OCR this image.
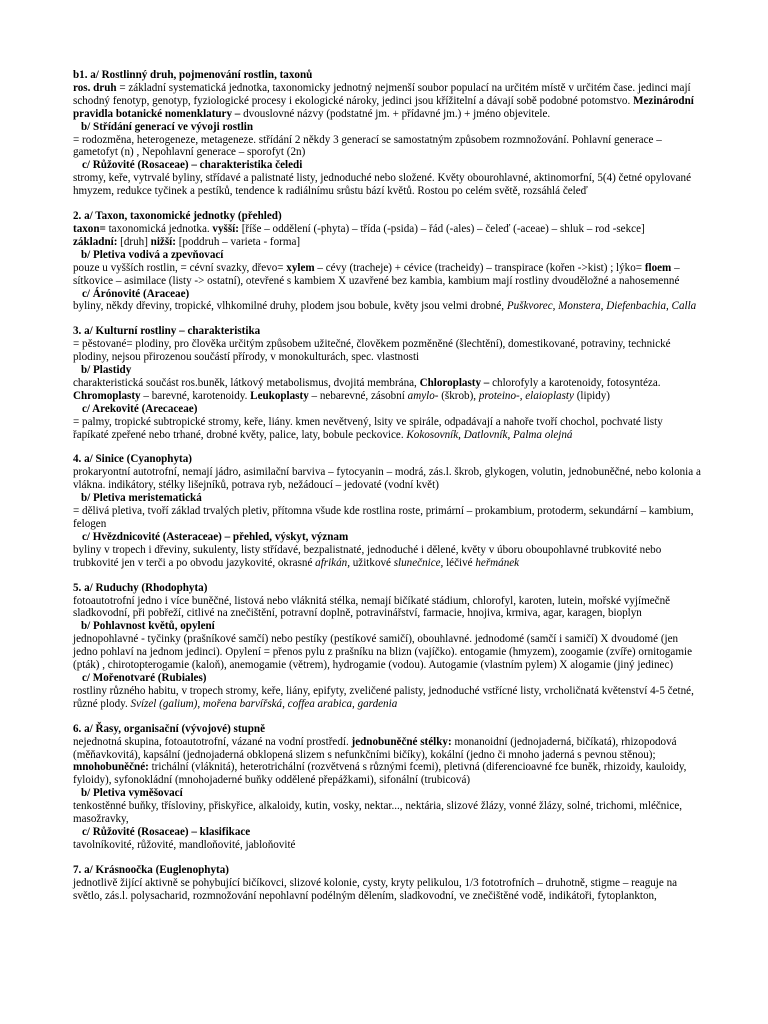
b1. a/ Rostlinný druh, pojmenování rostlin, taxonů
ros. druh = základní systematická jednotka, taxonomicky jednotný nejmenší soubor populací na určitém místě v určitém čase. jedinci mají schodný fenotyp, genotyp, fyziologické procesy i ekologické nároky, jedinci jsou křížitelní a dávají sobě podobné potomstvo. Mezinárodní pravidla botanické nomenklatury – dvouslovné názvy (podstatné jm. + přídavné jm.) + jméno objevitele.
b/ Střídání generací ve vývoji rostlin
= rodozměna, heterogeneze, metageneze. střídání 2 někdy 3 generací se samostatným způsobem rozmnožování. Pohlavní generace – gametofyt (n) , Nepohlavní generace – sporofyt (2n)
c/ Růžovité (Rosaceae) – charakteristika čeledi
stromy, keře, vytrvalé byliny, střídavé a palistnaté listy, jednoduché nebo složené. Květy obourohlavné, aktinomorfní, 5(4) četné opylované hmyzem, redukce tyčinek a pestíků, tendence k radiálnímu srůstu bází květů. Rostou po celém světě, rozsáhlá čeleď
2. a/ Taxon, taxonomické jednotky (přehled)
taxon= taxonomická jednotka. vyšší: [říše – oddělení (-phyta) – třída (-psida) – řád (-ales) – čeleď (-aceae) – shluk – rod -sekce]
základní: [druh] nižší: [poddruh – varieta - forma]
b/ Pletiva vodivá a zpevňovací
pouze u vyšších rostlin, = cévní svazky, dřevo= xylem – cévy (tracheje) + cévice (tracheidy) – transpirace (kořen ->kist) ; lýko= floem – sítkovice – asimilace (listy -> ostatní), otevřené s kambiem X uzavřené bez kambia, kambium mají rostliny dvouděložné a nahosemenné
c/ Árónovité (Araceae)
byliny, někdy dřeviny, tropické, vlhkomilné druhy, plodem jsou bobule, květy jsou velmi drobné, Puškvorec, Monstera, Diefenbachia, Calla
3. a/ Kulturní rostliny – charakteristika
= pěstované= plodiny, pro člověka určitým způsobem užitečné, člověkem pozměněné (šlechtění), domestikované, potraviny, technické plodiny, nejsou přirozenou součástí přírody, v monokulturách, spec. vlastnosti
b/ Plastidy
charakteristická součást ros.buněk, látkový metabolismus, dvojitá membrána, Chloroplasty – chlorofyly a karotenoidy, fotosyntéza. Chromoplasty – barevné, karotenoidy. Leukoplasty – nebarevné, zásobní amylo- (škrob), proteino-, elaioplasty (lipidy)
c/ Arekovité (Arecaceae)
= palmy, tropické subtropické stromy, keře, liány. kmen nevětvený, lsity ve spirále, odpadávají a nahoře tvoří chochol, pochvaté listy řapíkaté zpeřené nebo trhané, drobné květy, palice, laty, bobule peckovice. Kokosovník, Datlovník, Palma olejná
4. a/ Sinice (Cyanophyta)
prokaryontní autotrofní, nemají jádro, asimilační barviva – fytocyanin – modrá, zás.l. škrob, glykogen, volutin, jednobuněčné, nebo kolonia a vlákna. indikátory, stélky lišejníků, potrava ryb, nežádoucí – jedovaté (vodní květ)
b/ Pletiva meristematická
= dělivá pletiva, tvoří základ trvalých pletiv, přítomna všude kde rostlina roste, primární – prokambium, protoderm, sekundární – kambium, felogen
c/ Hvězdnicovité (Asteraceae) – přehled, výskyt, význam
byliny v tropech i dřeviny, sukulenty, listy střídavé, bezpalistnaté, jednoduché i dělené, květy v úboru oboupohlavné trubkovité nebo trubkovité jen v terči a po obvodu jazykovité, okrasné afrikán, užitkové slunečnice, léčivé heřmánek
5. a/ Ruduchy (Rhodophyta)
fotoautotrofní jedno i více buněčné, listová nebo vláknitá stélka, nemají bičíkaté stádium, chlorofyl, karoten, lutein, mořské vyjímečně sladkovodní, při pobřeží, citlivé na znečištění, potravní doplně, potravinářství, farmacie, hnojiva, krmiva, agar, karagen, bioplyn
b/ Pohlavnost květů, opylení
jednopohlavné - tyčinky (prašníkové samčí) nebo pestíky (pestíkové samičí), obouhlavné. jednodomé (samčí i samičí) X dvoudomé (jen jedno pohlaví na jednom jedinci). Opylení = přenos pylu z prašníku na blizn (vajíčko). entogamie (hmyzem), zoogamie (zvíře) ornitogamie (pták) , chirotopterogamie (kaloň), anemogamie (větrem), hydrogamie (vodou). Autogamie (vlastním pylem) X alogamie (jiný jedinec)
c/ Mořenotvaré (Rubiales)
rostliny různého habitu, v tropech stromy, keře, liány, epifyty, zveličené palisty, jednoduché vstřícné listy, vrcholičnatá květenství 4-5 četné, různé plody. Svízel (galium), mořena barvířská, coffea arabica, gardenia
6. a/ Řasy, organisační (vývojové) stupně
nejednotná skupina, fotoautotrofní, vázané na vodní prostředí. jednobuněčné stélky: monanoidní (jednojaderná, bičíkatá), rhizopodová (měňavkovitá), kapsální (jednojaderná obklopená slizem s nefunkčními bičíky), kokální (jedno či mnoho jaderná s pevnou stěnou); mnohobuněčné: trichální (vláknitá), heterotrichální (rozvětvená s různými fcemi), pletivná (diferencioavné fce buněk, rhizoidy, kauloidy, fyloidy), syfonokládní (mnohojaderné buňky oddělené přepážkami), sifonální (trubicová)
b/ Pletiva vyměšovací
tenkostěnné buňky, třísloviny, přiskyřice, alkaloidy, kutin, vosky, nektar..., nektária, slizové žlázy, vonné žlázy, solné, trichomi, mléčnice, masožravky,
c/ Růžovité (Rosaceae) – klasifikace
tavolníkovité, růžovité, mandloňovité, jabloňovité
7. a/ Krásnoočka (Euglenophyta)
jednotlivě žijící aktivně se pohybující bičíkovci, slizové kolonie, cysty, kryty pelikulou, 1/3 fototrofních – druhotně, stigme – reaguje na světlo, zás.l. polysacharid, rozmnožování nepohlavní podélným dělením, sladkovodní, ve znečištěné vodě, indikátoři, fytoplankton,
